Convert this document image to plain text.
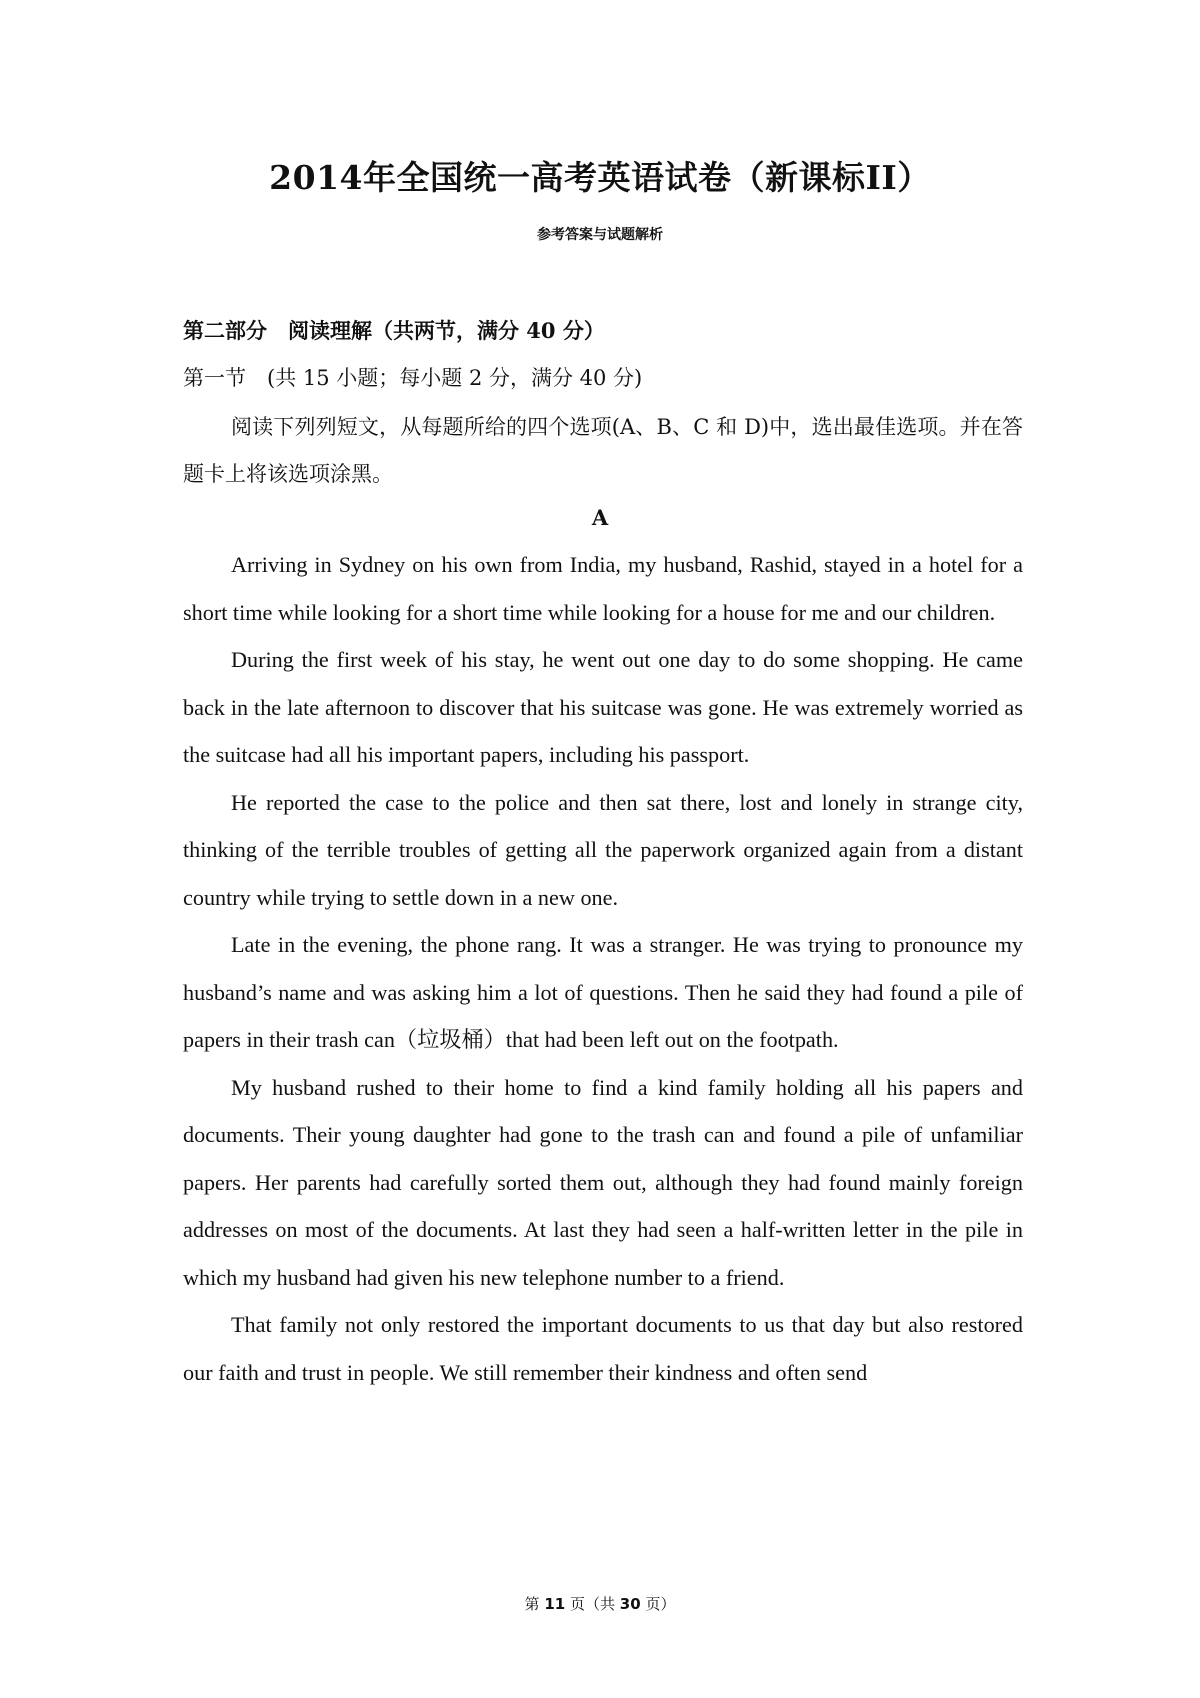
2014年全国统一高考英语试卷（新课标II）
参考答案与试题解析
第二部分　阅读理解（共两节，满分 40 分）
第一节　(共 15 小题；每小题 2 分，满分 40 分)
阅读下列列短文，从每题所给的四个选项(A、B、C 和 D)中，选出最佳选项。并在答题卡上将该选项涂黑。
A

Arriving in Sydney on his own from India, my husband, Rashid, stayed in a hotel for a short time while looking for a short time while looking for a house for me and our children.

During the first week of his stay, he went out one day to do some shopping. He came back in the late afternoon to discover that his suitcase was gone. He was extremely worried as the suitcase had all his important papers, including his passport.

He reported the case to the police and then sat there, lost and lonely in strange city, thinking of the terrible troubles of getting all the paperwork organized again from a distant country while trying to settle down in a new one.

Late in the evening, the phone rang. It was a stranger. He was trying to pronounce my husband’s name and was asking him a lot of questions. Then he said they had found a pile of papers in their trash can（垃圾桶）that had been left out on the footpath.

My husband rushed to their home to find a kind family holding all his papers and documents. Their young daughter had gone to the trash can and found a pile of unfamiliar papers. Her parents had carefully sorted them out, although they had found mainly foreign addresses on most of the documents. At last they had seen a half-written letter in the pile in which my husband had given his new telephone number to a friend.

That family not only restored the important documents to us that day but also restored our faith and trust in people. We still remember their kindness and often send

第 11 页（共 30 页）
